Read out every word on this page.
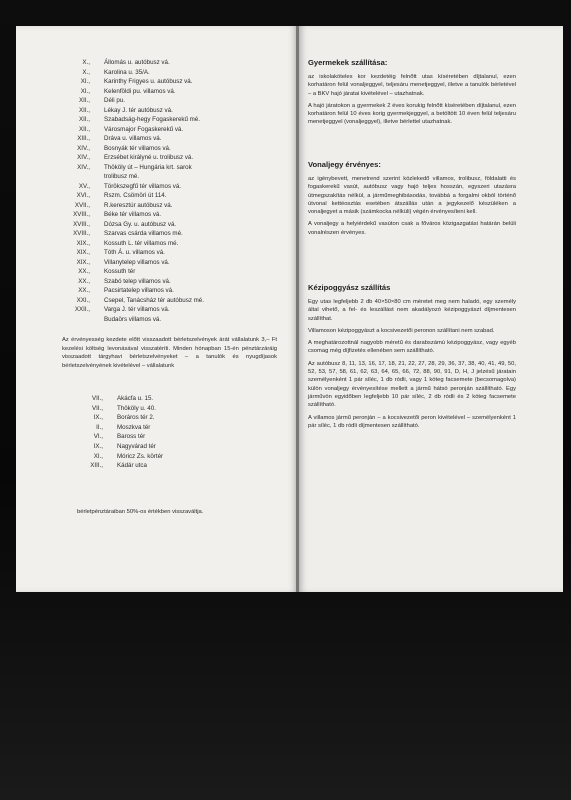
X.,	Állomás u. autóbusz vá.
X.,	Karolina u. 35/A.
XI.,	Karinthy Frigyes u. autóbusz vá.
XI.,	Kelenföldi pu. villamos vá.
XII.,	Déli pu.
XII.,	Lékay J. tér autóbusz vá.
XII.,	Szabadság-hegy Fogaskerekű mé.
XII.,	Városmajor Fogaskerekű vá.
XIII.,	Dráva u. villamos vá.
XIV.,	Bosnyák tér villamos vá.
XIV.,	Erzsébet királyné u. trolibusz vá.
XIV.,	Thököly út – Hungária krt. sarok
trolibusz mé.
XV.,	Törökszegfű tér villamos vá.
XVI.,	Rszm. Csömöri út 114.
XVII.,	R.keresztúr autóbusz vá.
XVIII.,	Béke tér villamos vá.
XVIII.,	Dózsa Gy. u. autóbusz vá.
XVIII.,	Szarvas csárda villamos mé.
XIX.,	Kossuth L. tér villamos mé.
XIX.,	Tóth Á. u. villamos vá.
XIX.,	Villanytelep villamos vá.
XX.,	Kossuth tér
XX.,	Szabó telep villamos vá.
XX.,	Pacsirtatelep villamos vá.
XXI.,	Csepel, Tanácsház tér autóbusz mé.
XXII.,	Varga J. tér villamos vá.
Budaörs villamos vá.
Az érvényesség kezdete előtt visszaadott bérletszelvények árát vállalatunk 3,– Ft kezelési költség levonásával visszatéríti. Minden hónapban 15-én pénztárzáráig visszaadott tárgyhavi bérletszelvényeket – a tanulók és nyugdíjasok bérletszelvényének kivételével – vállalatunk
VII.,	Akácfa u. 15.
VII.,	Thököly u. 40.
IX.,	Boráros tér 2.
II.,	Moszkva tér
VI.,	Baross tér
IX.,	Nagyvárad tér
XI.,	Móricz Zs. körtér
XIII.,	Kádár utca
bérletpénztáraiban 50%-os értékben visszaváltja.
Gyermekek szállítása:

az iskolaköteles kor kezdetéig felnőtt utas kíséretében díjtalanul, ezen korhatáron felül vonaljeggyel, teljesáru menetjeggyel, illetve a tanulók bérletével – a BKV hajó járatai kivételével – utazhatnak.

A hajó járatokon a gyermekek 2 éves korukig felnőtt kíséretében díjtalanul, ezen korhatáron felül 10 éves korig gyermekjeggyel, a betöltött 10 éven felül teljesáru menetjeggyel (vonaljeggyel), illetve bérlettel utazhatnak.

Vonaljegy érvényes:

az igénybevett, menetrend szerint közlekedő villamos, trolibusz, földalatti és fogaskerekű vasút, autóbusz vagy hajó teljes hosszán, egyszeri utazásra útmegszakítás nélkül, a járműmeghibásodás, továbbá a forgalmi okból történő útvonal kettéosztás esetében átszállás után a jegykezelő készüléken a vonaljegyet a másik (számkocka nélküli) végén érvényesíteni kell.

A vonaljegy a helyiérdekű vasúton csak a főváros közigazgatási határán belüli vonalrészen érvényes.

Kézipoggyász szállítás

Egy utas legfeljebb 2 db 40×50×80 cm méretet meg nem haladó, egy személy által vihető, a fel- és leszállást nem akadályozó kézipoggyászt díjmentesen szállíthat.

Villamoson kézipoggyászt a kocsivezetői peronon szállítani nem szabad.

A meghatározottnál nagyobb méretű és darabszámú kézipoggyász, vagy egyéb csomag még díjfizetés ellenében sem szállítható.

Az autóbusz 8, 11, 13, 16, 17, 18, 21, 22, 27, 28, 29, 36, 37, 38, 40, 41, 49, 50, 52, 53, 57, 58, 61, 62, 63, 64, 65, 66, 72, 88, 90, 91, D, H, J jelzésű járatain személyenként 1 pár síléc, 1 db ródli, vagy 1 köteg facsemete (becsomagolva) külön vonaljegy érvényesítése mellett a jármű hátsó peronján szállítható. Egy járművön egyidőben legfeljebb 10 pár síléc, 2 db ródli és 2 köteg facsemete szállítható.

A villamos jármű peronján – a kocsivezetői peron kivételével – személyenként 1 pár síléc, 1 db ródli díjmentesen szállítható.
